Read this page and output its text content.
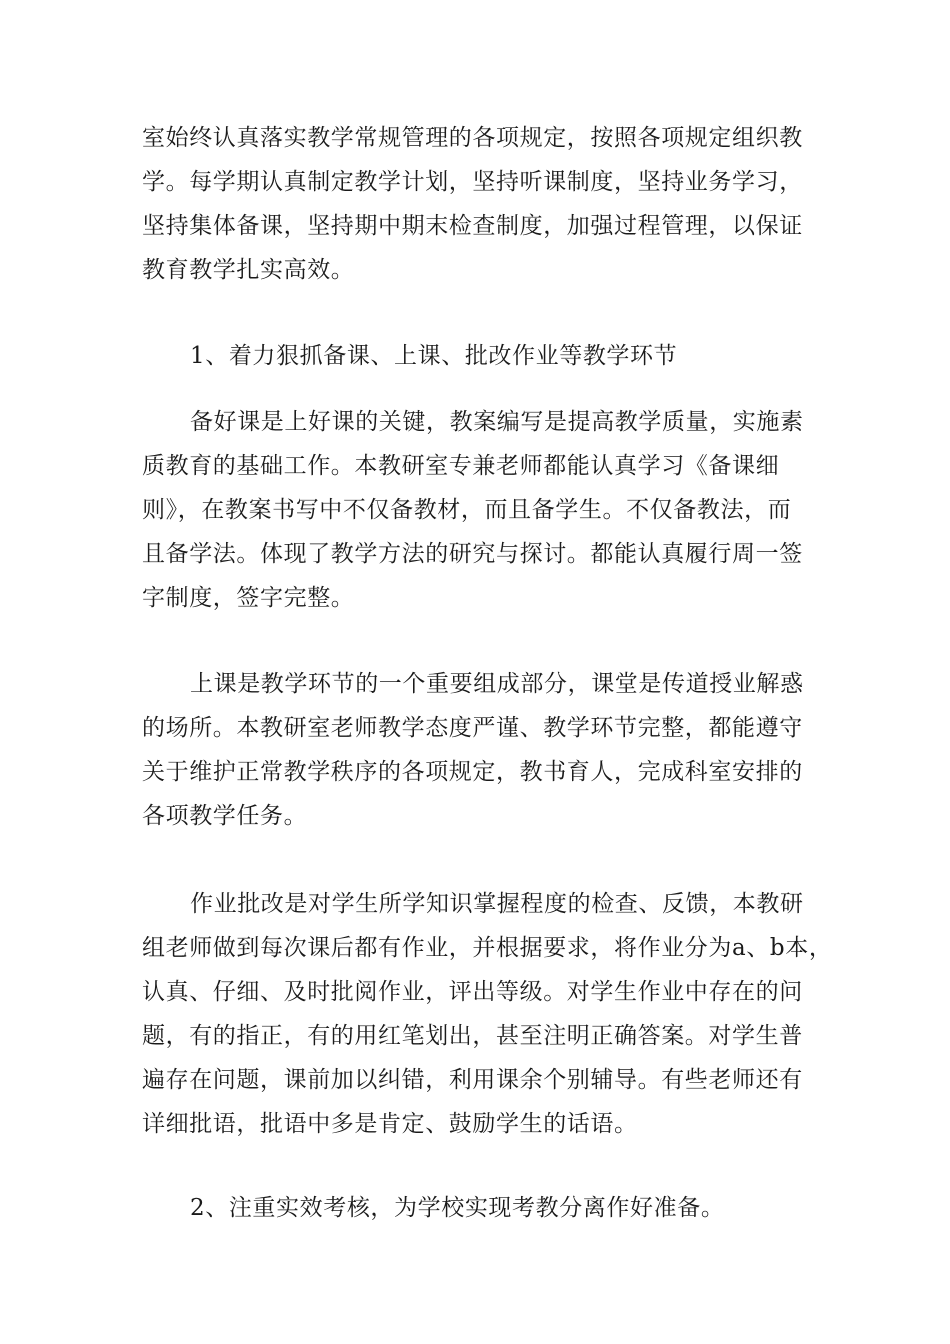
室始终认真落实教学常规管理的各项规定，按照各项规定组织教
学。每学期认真制定教学计划，坚持听课制度，坚持业务学习，
坚持集体备课，坚持期中期末检查制度，加强过程管理，以保证
教育教学扎实高效。
1、着力狠抓备课、上课、批改作业等教学环节
备好课是上好课的关键，教案编写是提高教学质量，实施素
质教育的基础工作。本教研室专兼老师都能认真学习《备课细
则》，在教案书写中不仅备教材，而且备学生。不仅备教法，而
且备学法。体现了教学方法的研究与探讨。都能认真履行周一签
字制度，签字完整。
上课是教学环节的一个重要组成部分，课堂是传道授业解惑
的场所。本教研室老师教学态度严谨、教学环节完整，都能遵守
关于维护正常教学秩序的各项规定，教书育人，完成科室安排的
各项教学任务。
作业批改是对学生所学知识掌握程度的检查、反馈，本教研
组老师做到每次课后都有作业，并根据要求，将作业分为a、b本，
认真、仔细、及时批阅作业，评出等级。对学生作业中存在的问
题，有的指正，有的用红笔划出，甚至注明正确答案。对学生普
遍存在问题，课前加以纠错，利用课余个别辅导。有些老师还有
详细批语，批语中多是肯定、鼓励学生的话语。
2、注重实效考核，为学校实现考教分离作好准备。
